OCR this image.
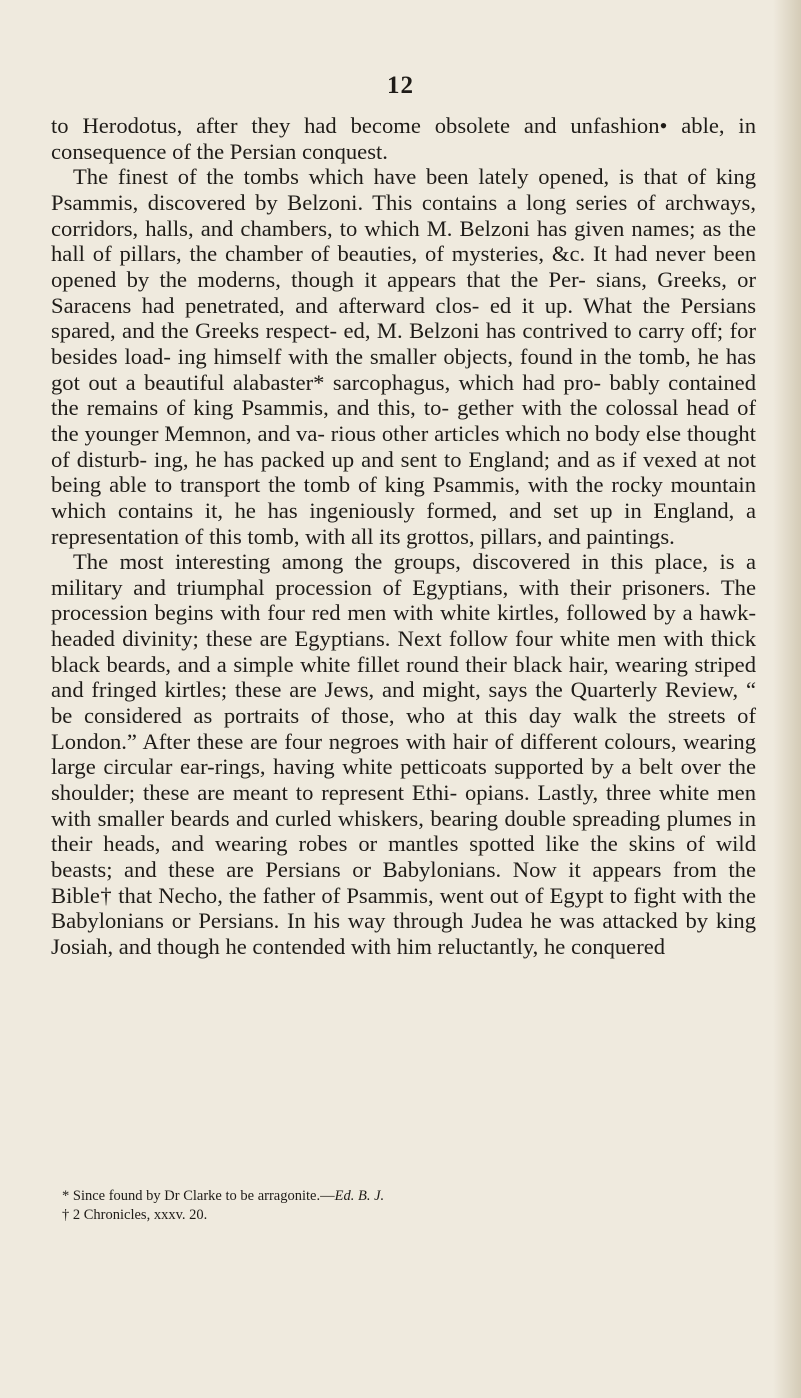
12

to Herodotus, after they had become obsolete and unfashion• able, in consequence of the Persian conquest.

The finest of the tombs which have been lately opened, is that of king Psammis, discovered by Belzoni. This contains a long series of archways, corridors, halls, and chambers, to which M. Belzoni has given names; as the hall of pillars, the chamber of beauties, of mysteries, &c. It had never been opened by the moderns, though it appears that the Per- sians, Greeks, or Saracens had penetrated, and afterward clos- ed it up. What the Persians spared, and the Greeks respect- ed, M. Belzoni has contrived to carry off; for besides load- ing himself with the smaller objects, found in the tomb, he has got out a beautiful alabaster* sarcophagus, which had pro- bably contained the remains of king Psammis, and this, to- gether with the colossal head of the younger Memnon, and va- rious other articles which no body else thought of disturb- ing, he has packed up and sent to England; and as if vexed at not being able to transport the tomb of king Psammis, with the rocky mountain which contains it, he has ingeniously formed, and set up in England, a representation of this tomb, with all its grottos, pillars, and paintings.

The most interesting among the groups, discovered in this place, is a military and triumphal procession of Egyptians, with their prisoners. The procession begins with four red men with white kirtles, followed by a hawk-headed divinity; these are Egyptians. Next follow four white men with thick black beards, and a simple white fillet round their black hair, wearing striped and fringed kirtles; these are Jews, and might, says the Quarterly Review, “ be considered as portraits of those, who at this day walk the streets of London.” After these are four negroes with hair of different colours, wearing large circular ear-rings, having white petticoats supported by a belt over the shoulder; these are meant to represent Ethi- opians. Lastly, three white men with smaller beards and curled whiskers, bearing double spreading plumes in their heads, and wearing robes or mantles spotted like the skins of wild beasts; and these are Persians or Babylonians. Now it appears from the Bible† that Necho, the father of Psammis, went out of Egypt to fight with the Babylonians or Persians. In his way through Judea he was attacked by king Josiah, and though he contended with him reluctantly, he conquered

* Since found by Dr Clarke to be arragonite.—Ed. B. J.

† 2 Chronicles, xxxv. 20.
